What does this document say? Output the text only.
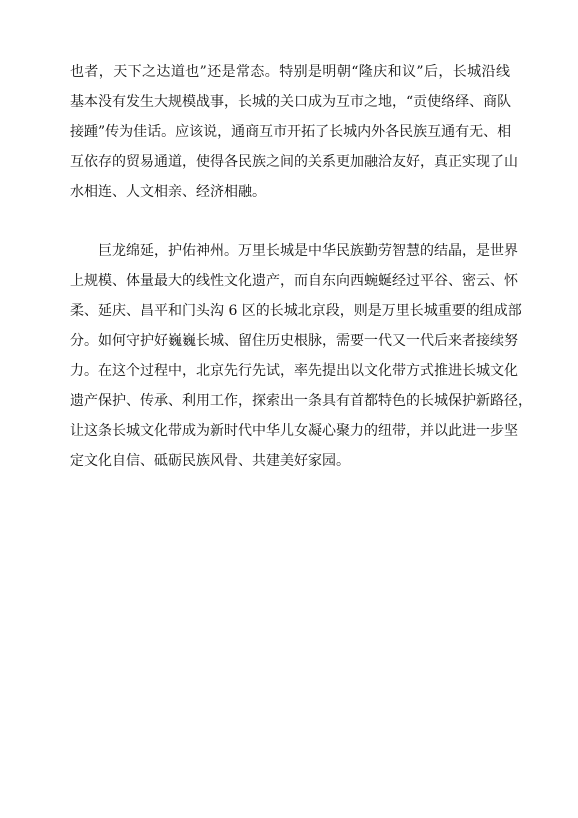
也者，天下之达道也”还是常态。特别是明朝“隆庆和议”后，长城沿线
基本没有发生大规模战事，长城的关口成为互市之地，“贡使络绎、商队
接踵”传为佳话。应该说，通商互市开拓了长城内外各民族互通有无、相
互依存的贸易通道，使得各民族之间的关系更加融洽友好，真正实现了山
水相连、人文相亲、经济相融。
巨龙绵延，护佑神州。万里长城是中华民族勤劳智慧的结晶，是世界
上规模、体量最大的线性文化遗产，而自东向西蜿蜒经过平谷、密云、怀
柔、延庆、昌平和门头沟 6 区的长城北京段，则是万里长城重要的组成部
分。如何守护好巍巍长城、留住历史根脉，需要一代又一代后来者接续努
力。在这个过程中，北京先行先试，率先提出以文化带方式推进长城文化
遗产保护、传承、利用工作，探索出一条具有首都特色的长城保护新路径，
让这条长城文化带成为新时代中华儿女凝心聚力的纽带，并以此进一步坚
定文化自信、砥砺民族风骨、共建美好家园。
